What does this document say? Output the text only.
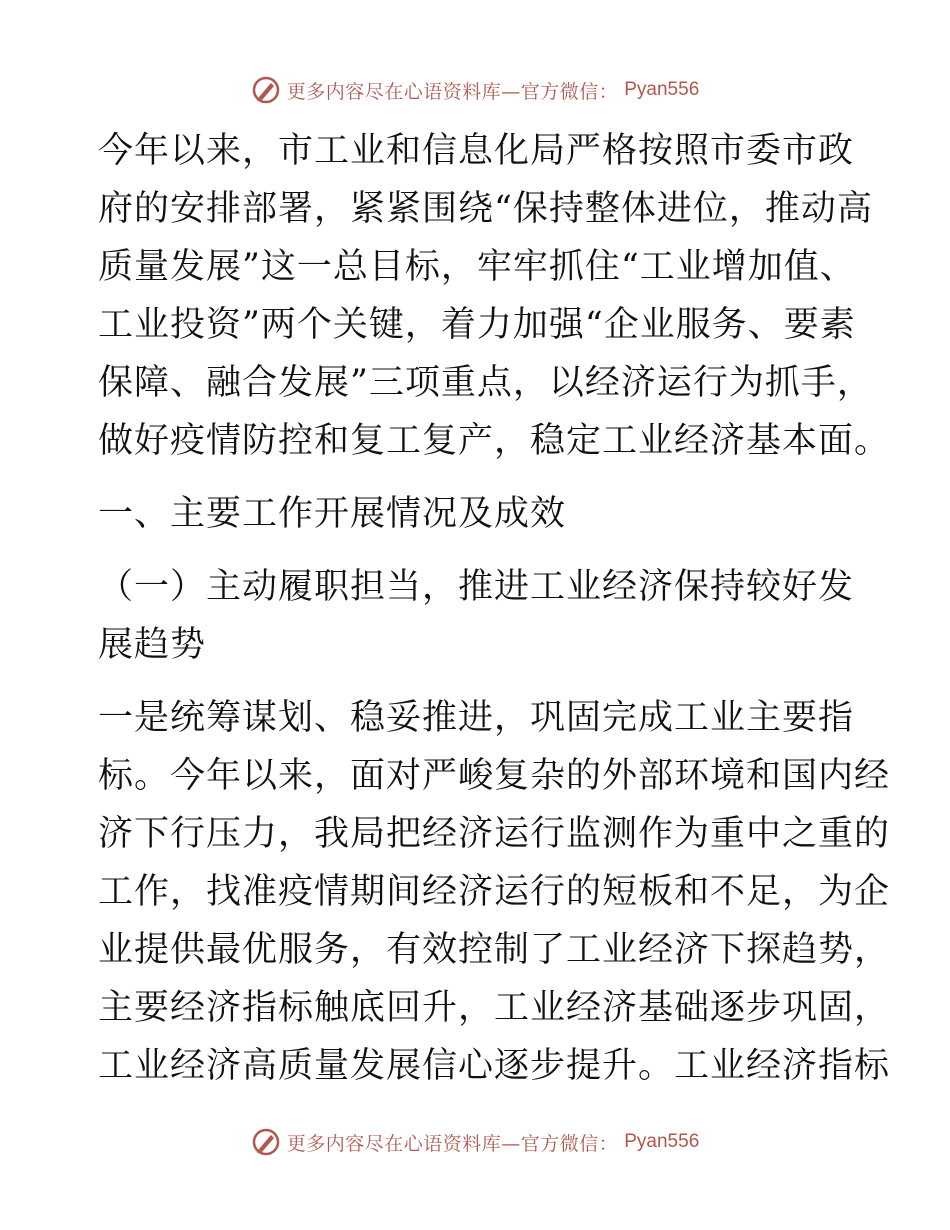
更多内容尽在心语资料库—官方微信： Pyan556
今年以来，市工业和信息化局严格按照市委市政
府的安排部署，紧紧围绕“保持整体进位，推动高
质量发展”这一总目标，牢牢抓住“工业增加值、
工业投资”两个关键，着力加强“企业服务、要素
保障、融合发展”三项重点，以经济运行为抓手，
做好疫情防控和复工复产，稳定工业经济基本面。
一、主要工作开展情况及成效
（一）主动履职担当，推进工业经济保持较好发
展趋势
一是统筹谋划、稳妥推进，巩固完成工业主要指
标。今年以来，面对严峻复杂的外部环境和国内经
济下行压力，我局把经济运行监测作为重中之重的
工作，找准疫情期间经济运行的短板和不足，为企
业提供最优服务，有效控制了工业经济下探趋势，
主要经济指标触底回升，工业经济基础逐步巩固，
工业经济高质量发展信心逐步提升。工业经济指标
更多内容尽在心语资料库—官方微信： Pyan556
